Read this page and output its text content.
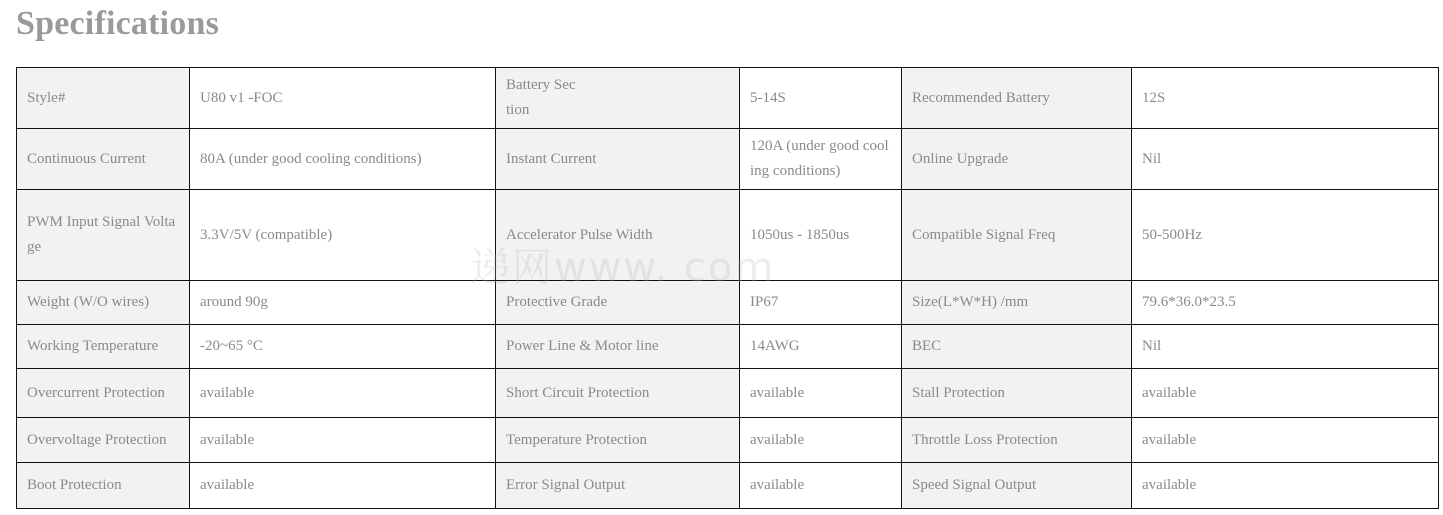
Specifications
Style#	U80 v1 -FOC	Battery Section	5-14S	Recommended Battery	12S
Continuous Current	80A (under good cooling conditions)	Instant Current	120A (under good cooling conditions)	Online Upgrade	Nil
PWM Input Signal Voltage	3.3V/5V (compatible)	Accelerator Pulse Width	1050us - 1850us	Compatible Signal Freq	50-500Hz
Weight (W/O wires)	around 90g	Protective Grade	IP67	Size(L*W*H) /mm	79.6*36.0*23.5
Working Temperature	-20~65 °C	Power Line & Motor line	14AWG	BEC	Nil
Overcurrent Protection	available	Short Circuit Protection	available	Stall Protection	available
Overvoltage Protection	available	Temperature Protection	available	Throttle Loss Protection	available
Boot Protection	available	Error Signal Output	available	Speed Signal Output	available
递网www. com
